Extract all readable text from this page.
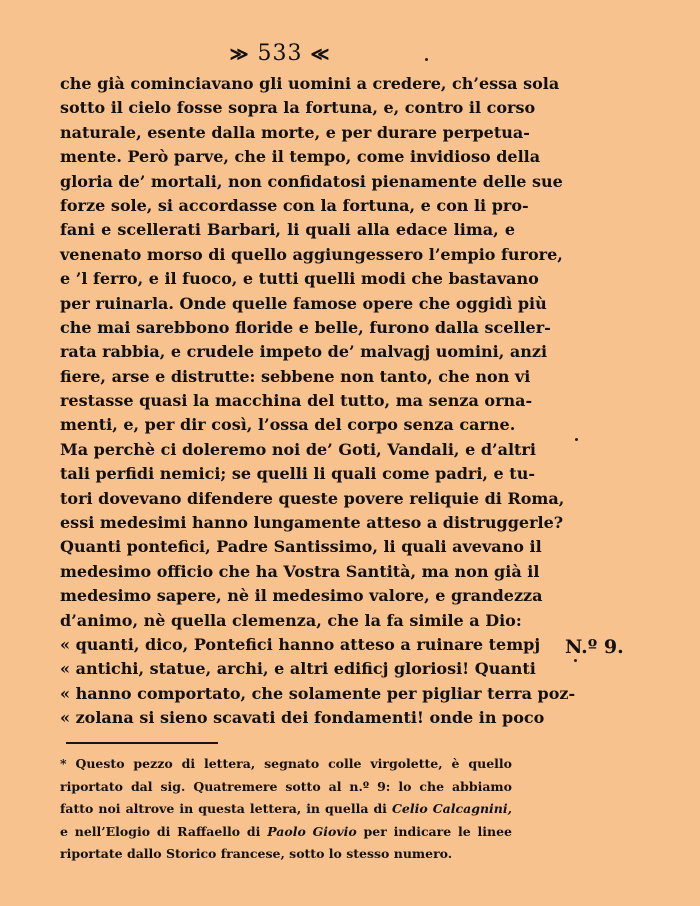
≫ 533 ≪
che già cominciavano gli uomini a credere, ch’essa sola
sotto il cielo fosse sopra la fortuna, e, contro il corso
naturale, esente dalla morte, e per durare perpetua-
mente. Però parve, che il tempo, come invidioso della
gloria de’ mortali, non confidatosi pienamente delle sue
forze sole, si accordasse con la fortuna, e con li pro-
fani e scellerati Barbari, li quali alla edace lima, e
venenato morso di quello aggiungessero l’empio furore,
e ’l ferro, e il fuoco, e tutti quelli modi che bastavano
per ruinarla. Onde quelle famose opere che oggidì più
che mai sarebbono floride e belle, furono dalla sceller-
rata rabbia, e crudele impeto de’ malvagj uomini, anzi
fiere, arse e distrutte: sebbene non tanto, che non vi
restasse quasi la macchina del tutto, ma senza orna-
menti, e, per dir così, l’ossa del corpo senza carne.
Ma perchè ci doleremo noi de’ Goti, Vandali, e d’altri
tali perfidi nemici; se quelli li quali come padri, e tu-
tori dovevano difendere queste povere reliquie di Roma,
essi medesimi hanno lungamente atteso a distruggerle?
Quanti pontefici, Padre Santissimo, li quali avevano il
medesimo officio che ha Vostra Santità, ma non già il
medesimo sapere, nè il medesimo valore, e grandezza
d’animo, nè quella clemenza, che la fa simile a Dio:
« quanti, dico, Pontefici hanno atteso a ruinare tempj
« antichi, statue, archi, e altri edificj gloriosi! Quanti
« hanno comportato, che solamente per pigliar terra poz-
« zolana si sieno scavati dei fondamenti! onde in poco
N.º 9.
* Questo pezzo di lettera, segnato colle virgolette, è quello
riportato dal sig. Quatremere sotto al n.º 9: lo che abbiamo
fatto noi altrove in questa lettera, in quella di Celio Calcagnini,
e nell’Elogio di Raffaello di Paolo Giovio per indicare le linee
riportate dallo Storico francese, sotto lo stesso numero.
